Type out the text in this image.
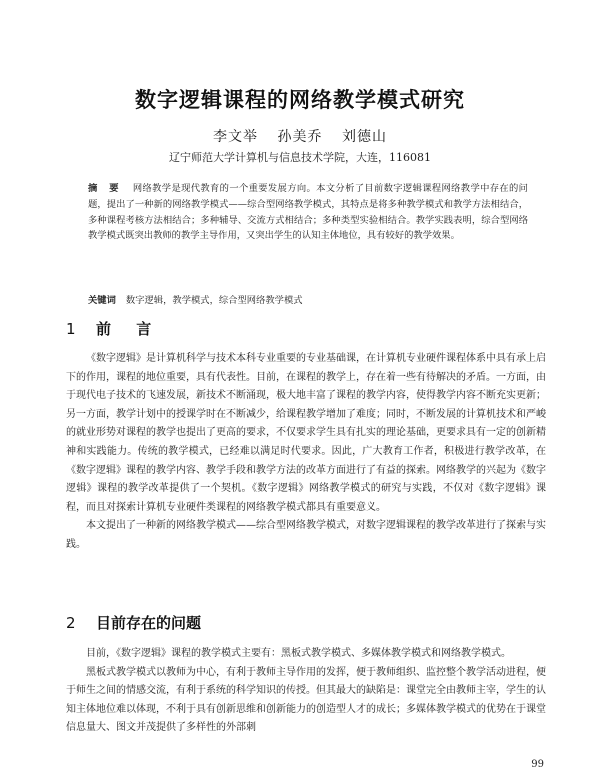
数字逻辑课程的网络教学模式研究
李文举 孙美乔 刘德山
辽宁师范大学计算机与信息技术学院，大连，116081
摘 要 网络教学是现代教育的一个重要发展方向。本文分析了目前数字逻辑课程网络教学中存在的问题，提出了一种新的网络教学模式——综合型网络教学模式，其特点是将多种教学模式和教学方法相结合，多种课程考核方法相结合；多种辅导、交流方式相结合；多种类型实验相结合。教学实践表明，综合型网络教学模式既突出教师的教学主导作用，又突出学生的认知主体地位，具有较好的教学效果。
关键词 数字逻辑，教学模式，综合型网络教学模式
1 前 言

《数字逻辑》是计算机科学与技术本科专业重要的专业基础课，在计算机专业硬件课程体系中具有承上启下的作用，课程的地位重要，具有代表性。目前，在课程的教学上，存在着一些有待解决的矛盾。一方面，由于现代电子技术的飞速发展，新技术不断涌现，极大地丰富了课程的教学内容，使得教学内容不断充实更新；另一方面，教学计划中的授课学时在不断减少，给课程教学增加了难度；同时，不断发展的计算机技术和严峻的就业形势对课程的教学也提出了更高的要求，不仅要求学生具有扎实的理论基础，更要求具有一定的创新精神和实践能力。传统的教学模式，已经难以满足时代要求。因此，广大教育工作者，积极进行教学改革，在《数字逻辑》课程的教学内容、教学手段和教学方法的改革方面进行了有益的探索。网络教学的兴起为《数字逻辑》课程的教学改革提供了一个契机。《数字逻辑》网络教学模式的研究与实践，不仅对《数字逻辑》课程，而且对探索计算机专业硬件类课程的网络教学模式都具有重要意义。

本文提出了一种新的网络教学模式——综合型网络教学模式，对数字逻辑课程的教学改革进行了探索与实践。

2 目前存在的问题

目前，《数字逻辑》课程的教学模式主要有：黑板式教学模式、多媒体教学模式和网络教学模式。

黑板式教学模式以教师为中心，有利于教师主导作用的发挥，便于教师组织、监控整个教学活动进程，便于师生之间的情感交流，有利于系统的科学知识的传授。但其最大的缺陷是：课堂完全由教师主宰，学生的认知主体地位难以体现，不利于具有创新思维和创新能力的创造型人才的成长；多媒体教学模式的优势在于课堂信息量大、图文并茂提供了多样性的外部刺

99
